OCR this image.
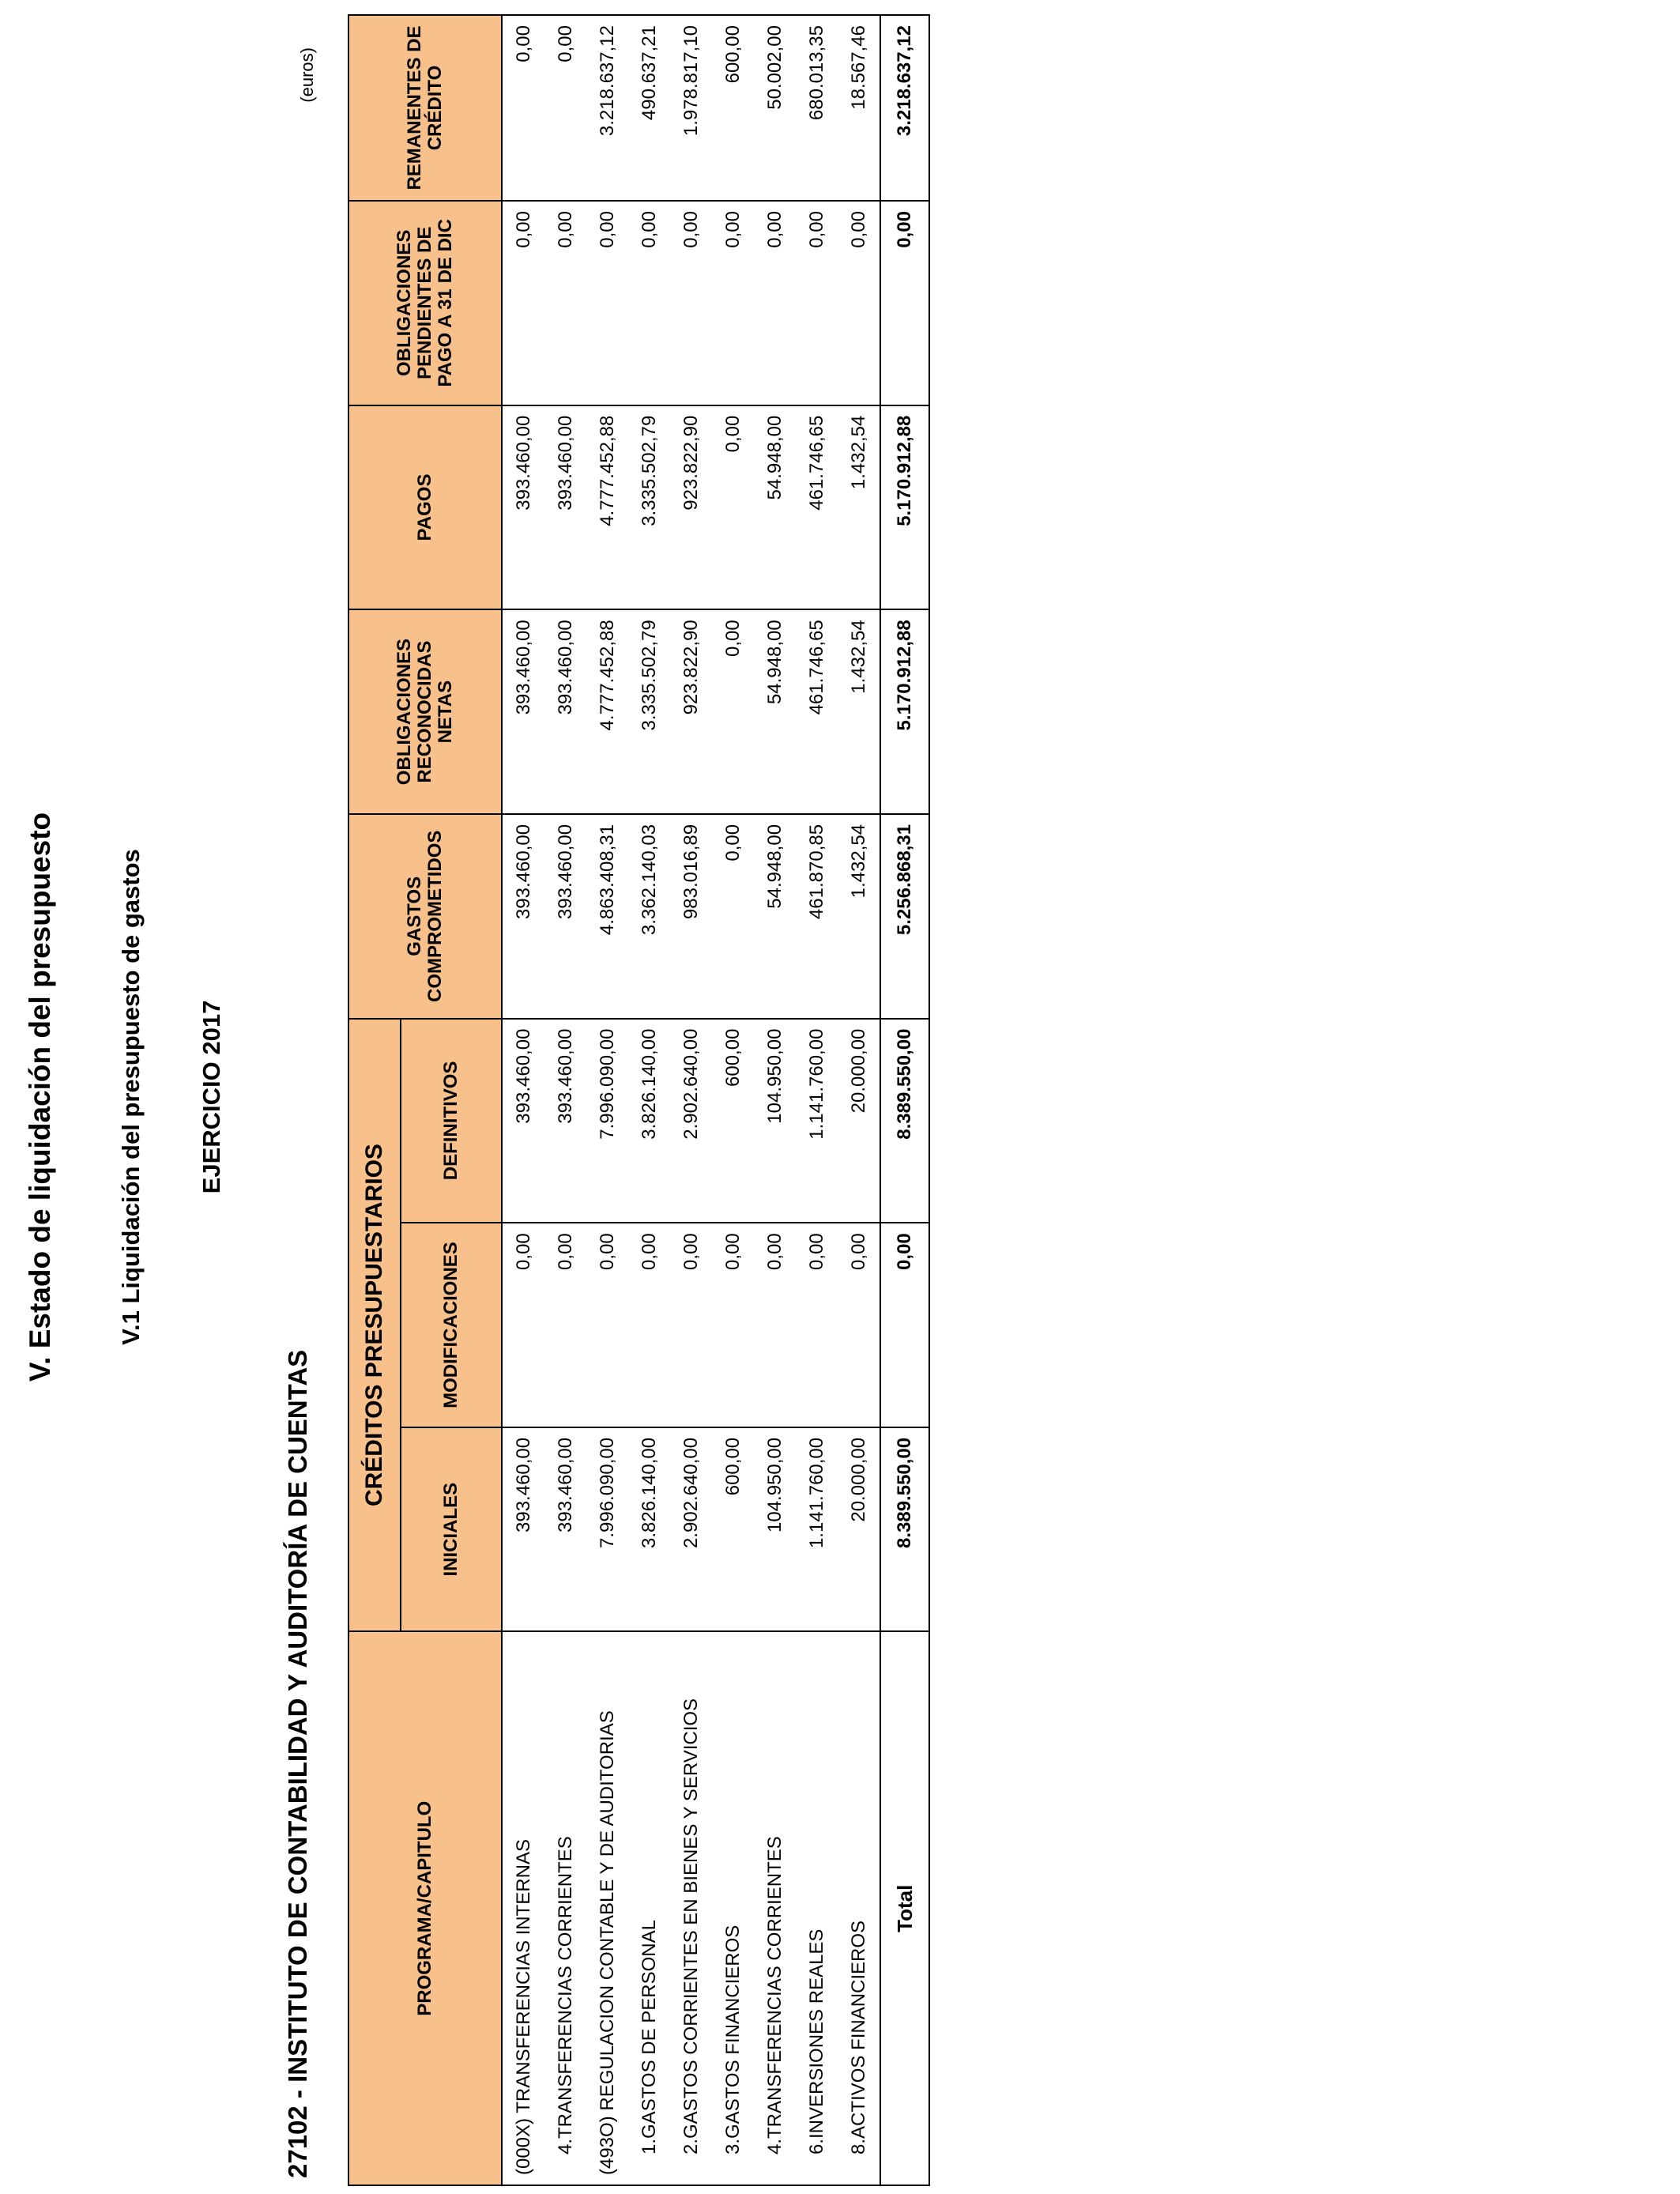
V. Estado de liquidación del presupuesto V.1 Liquidación del presupuesto de gastos EJERCICIO 2017
27102 - INSTITUTO DE CONTABILIDAD Y AUDITORÍA DE CUENTAS
(euros)
PROGRAMA/CAPITULO	CRÉDITOS PRESUPUESTARIOS			GASTOS COMPROMETIDOS	OBLIGACIONES RECONOCIDAS NETAS	PAGOS	OBLIGACIONES PENDIENTES DE PAGO A 31 DE DIC	REMANENTES DE CRÉDITO
	INICIALES	MODIFICACIONES	DEFINITIVOS					
(000X) TRANSFERENCIAS INTERNAS	393.460,00	0,00	393.460,00	393.460,00	393.460,00	393.460,00	0,00	0,00
4.TRANSFERENCIAS CORRIENTES	393.460,00	0,00	393.460,00	393.460,00	393.460,00	393.460,00	0,00	0,00
(493O) REGULACION CONTABLE Y DE AUDITORIAS	7.996.090,00	0,00	7.996.090,00	4.863.408,31	4.777.452,88	4.777.452,88	0,00	3.218.637,12
1.GASTOS DE PERSONAL	3.826.140,00	0,00	3.826.140,00	3.362.140,03	3.335.502,79	3.335.502,79	0,00	490.637,21
2.GASTOS CORRIENTES EN BIENES Y SERVICIOS	2.902.640,00	0,00	2.902.640,00	983.016,89	923.822,90	923.822,90	0,00	1.978.817,10
3.GASTOS FINANCIEROS	600,00	0,00	600,00	0,00	0,00	0,00	0,00	600,00
4.TRANSFERENCIAS CORRIENTES	104.950,00	0,00	104.950,00	54.948,00	54.948,00	54.948,00	0,00	50.002,00
6.INVERSIONES REALES	1.141.760,00	0,00	1.141.760,00	461.870,85	461.746,65	461.746,65	0,00	680.013,35
8.ACTIVOS FINANCIEROS	20.000,00	0,00	20.000,00	1.432,54	1.432,54	1.432,54	0,00	18.567,46
Total	8.389.550,00	0,00	8.389.550,00	5.256.868,31	5.170.912,88	5.170.912,88	0,00	3.218.637,12
